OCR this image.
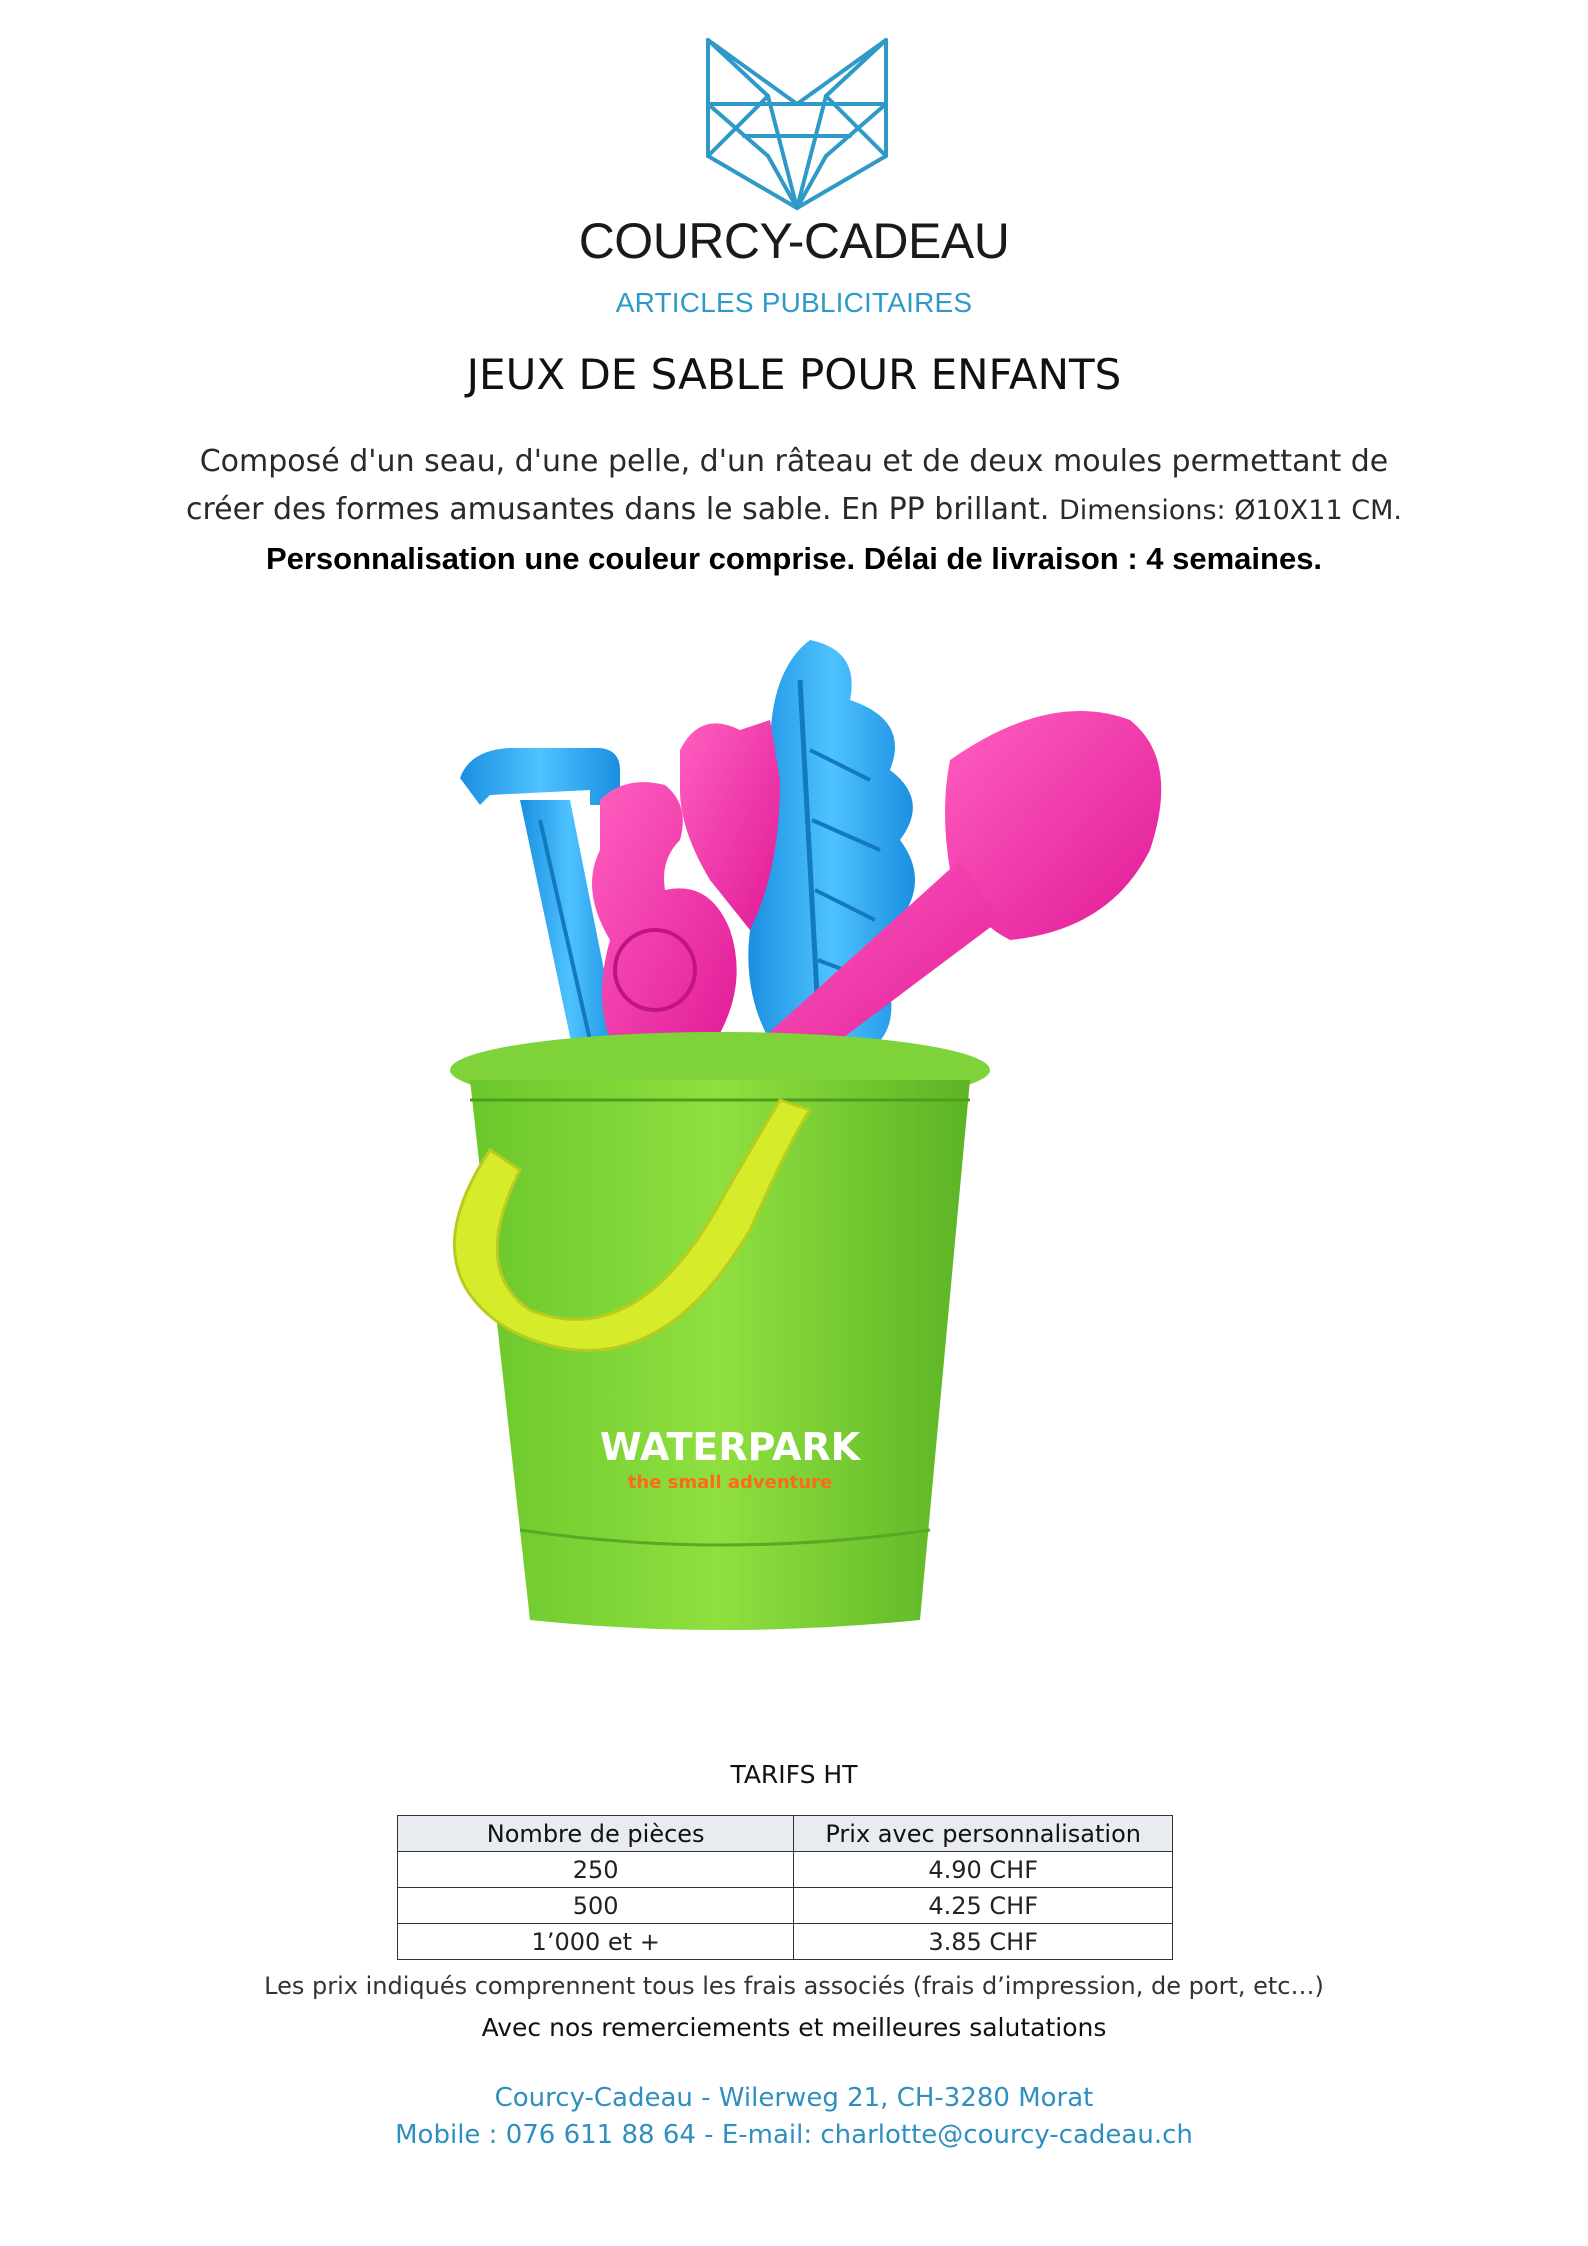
COURCY-CADEAU
ARTICLES PUBLICITAIRES
JEUX DE SABLE POUR ENFANTS
Composé d'un seau, d'une pelle, d'un râteau et de deux moules permettant de créer des formes amusantes dans le sable. En PP brillant. Dimensions: Ø10X11 CM. Personnalisation une couleur comprise. Délai de livraison : 4 semaines.
WATERPARK
the small adventure
TARIFS HT
Nombre de pièces	Prix avec personnalisation
250	4.90 CHF
500	4.25 CHF
1’000 et +	3.85 CHF
Les prix indiqués comprennent tous les frais associés (frais d’impression, de port, etc…)
Avec nos remerciements et meilleures salutations
Courcy-Cadeau - Wilerweg 21, CH-3280 Morat
Mobile : 076 611 88 64 - E-mail: charlotte@courcy-cadeau.ch
